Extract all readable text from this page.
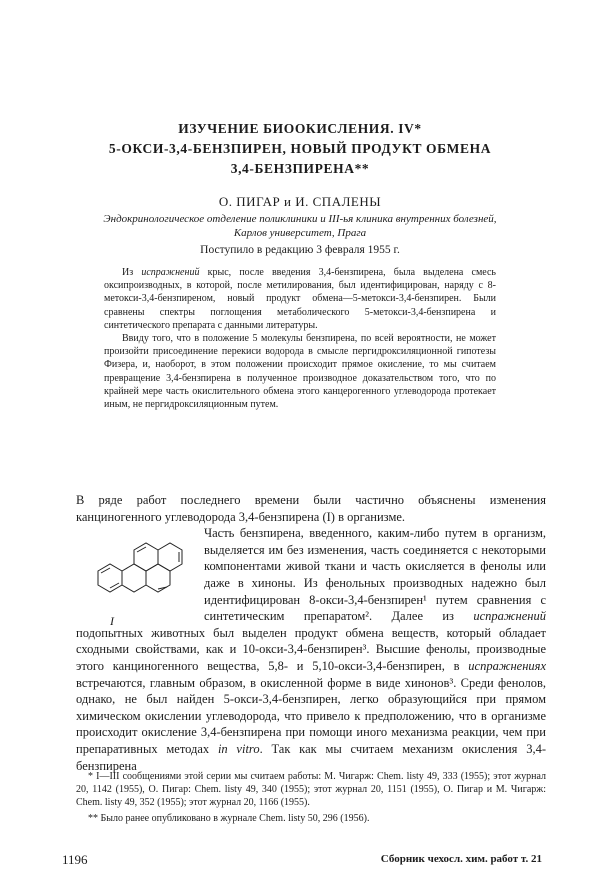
ИЗУЧЕНИЕ БИООКИСЛЕНИЯ. IV*
5-ОКСИ-3,4-БЕНЗПИРЕН, НОВЫЙ ПРОДУКТ ОБМЕНА
3,4-БЕНЗПИРЕНА**
О. ПИГАР и И. СПАЛЕНЫ
Эндокринологическое отделение поликлиники и III-ья клиника внутренних болезней,
Карлов университет, Прага
Поступило в редакцию 3 февраля 1955 г.

Из испражнений крыс, после введения 3,4-бензпирена, была выделена смесь оксипроизводных, в которой, после метилирования, был идентифицирован, наряду с 8-метокси-3,4-бензпиреном, новый продукт обмена—5-метокси-3,4-бензпирен. Были сравнены спектры поглощения метаболического 5-метокси-3,4-бензпирена и синтетического препарата с данными литературы.

Ввиду того, что в положение 5 молекулы бензпирена, по всей вероятности, не может произойти присоединение перекиси водорода в смысле пергидроксиляционной гипотезы Физера, и, наоборот, в этом положении происходит прямое окисление, то мы считаем превращение 3,4-бензпирена в полученное производное доказательством того, что по крайней мере часть окислительного обмена этого канцерогенного углеводорода протекает иным, не пергидроксиляционным путем.

В ряде работ последнего времени были частично объяснены изменения канциногенного углеводорода 3,4-бензпирена (I) в организме.

I
Часть бензпирена, введенного, каким-либо путем в организм, выделяется им без изменения, часть соединяется с некоторыми компонентами живой ткани и часть окисляется в фенолы или даже в хиноны. Из фенольных производных надежно был идентифицирован 8-окси-3,4-бензпирен¹ путем сравнения с синтетическим препаратом². Далее из испражнений подопытных животных был выделен продукт обмена веществ, который обладает сходными свойствами, как и 10-окси-3,4-бензпирен³. Высшие фенолы, производные этого канциногенного вещества, 5,8- и 5,10-окси-3,4-бензпирен, в испражнениях встречаются, главным образом, в окисленной форме в виде хинонов³. Среди фенолов, однако, не был найден 5-окси-3,4-бензпирен, легко образующийся при прямом химическом окислении углеводорода, что привело к предположению, что в организме происходит окисление 3,4-бензпирена при помощи иного механизма реакции, чем при препаративных методах in vitro. Так как мы считаем механизм окисления 3,4-бензпирена

* I—III сообщениями этой серии мы считаем работы: М. Чигарж: Chem. listy 49, 333 (1955); этот журнал 20, 1142 (1955), О. Пигар: Chem. listy 49, 340 (1955); этот журнал 20, 1151 (1955), О. Пигар и М. Чигарж: Chem. listy 49, 352 (1955); этот журнал 20, 1166 (1955).

** Было ранее опубликовано в журнале Chem. listy 50, 296 (1956).

1196	Сборник чехосл. хим. работ т. 21
